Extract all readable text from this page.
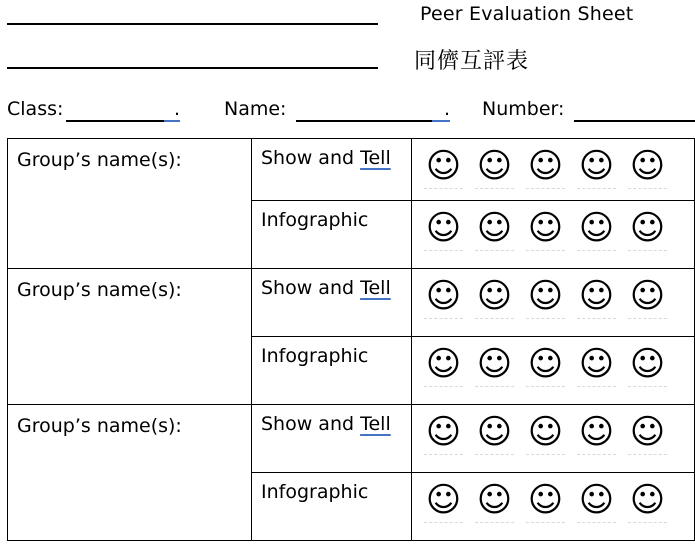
Peer Evaluation Sheet
同儕互評表
Class:	. Name:	. Number:
Group’s name(s):	Show and Tell	☺ ☺ ☺ ☺ ☺
	Infographic	☺ ☺ ☺ ☺ ☺
Group’s name(s):	Show and Tell	☺ ☺ ☺ ☺ ☺
	Infographic	☺ ☺ ☺ ☺ ☺
Group’s name(s):	Show and Tell	☺ ☺ ☺ ☺ ☺
	Infographic	☺ ☺ ☺ ☺ ☺
